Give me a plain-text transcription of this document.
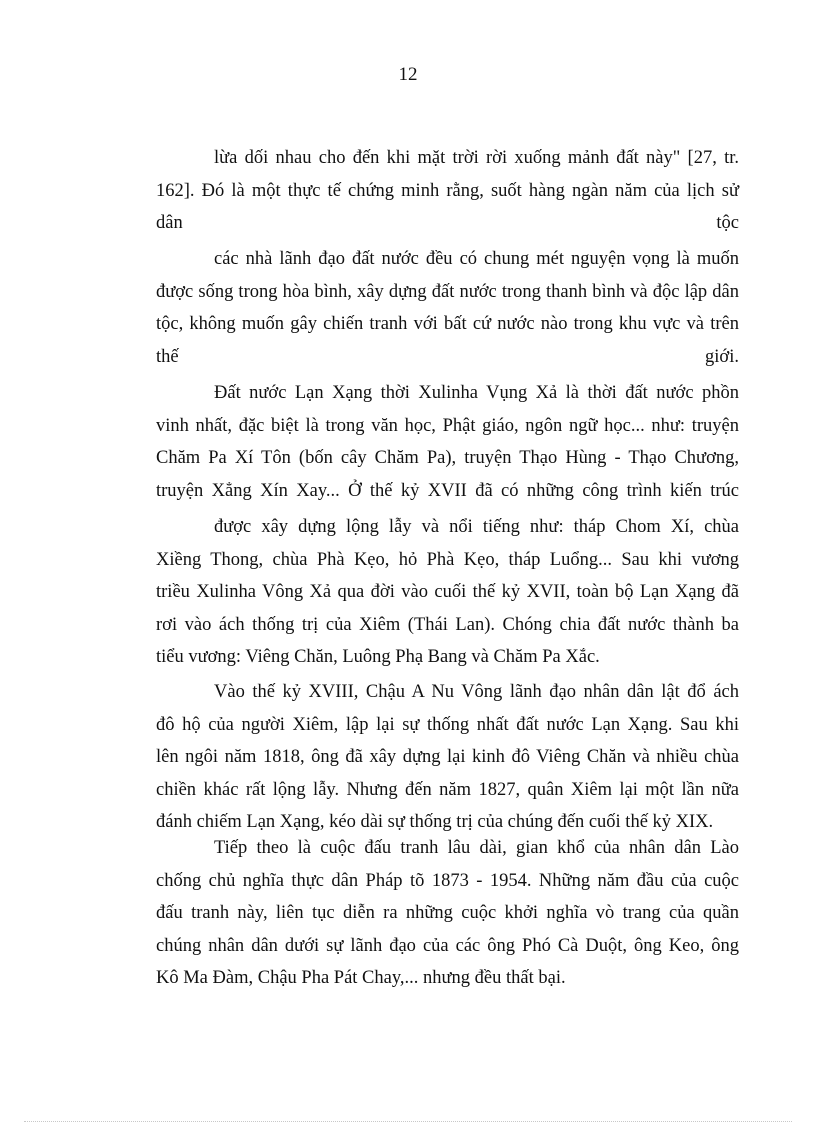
12
lừa dối nhau cho đến khi mặt trời rời xuống mảnh đất này" [27, tr.
162]. Đó là một thực tế chứng minh rằng, suốt hàng ngàn năm của lịch sử
dân	tộc
các nhà lãnh đạo đất nước đều có chung mét nguyện vọng là muốn
được sống trong hòa bình, xây dựng đất nước trong thanh bình và độc lập dân
tộc, không muốn gây chiến tranh với bất cứ nước nào trong khu vực và trên
thế	giới.
Đất nước Lạn Xạng thời Xulinha Vụng Xả là thời đất nước phồn
vinh nhất, đặc biệt là trong văn học, Phật giáo, ngôn ngữ học... như: truyện
Chăm Pa Xí Tôn (bốn cây Chăm Pa), truyện Thạo Hùng - Thạo Chương,
truyện Xẳng Xín Xay... Ở thế kỷ XVII đã có những công trình kiến trúc
được xây dựng lộng lẫy và nổi tiếng như: tháp Chom Xí, chùa
Xiềng Thong, chùa Phà Kẹo, hỏ Phà Kẹo, tháp Luổng... Sau khi vương
triều Xulinha Vông Xả qua đời vào cuối thế kỷ XVII, toàn bộ Lạn Xạng đã
rơi vào ách thống trị của Xiêm (Thái Lan). Chóng chia đất nước thành ba
tiểu vương: Viêng Chăn, Luông Phạ Bang và Chăm Pa Xắc.
Vào thế kỷ XVIII, Chậu A Nu Vông lãnh đạo nhân dân lật đổ ách
đô hộ của người Xiêm, lập lại sự thống nhất đất nước Lạn Xạng. Sau khi
lên ngôi năm 1818, ông đã xây dựng lại kinh đô Viêng Chăn và nhiều chùa
chiền khác rất lộng lẫy. Nhưng đến năm 1827, quân Xiêm lại một lần nữa
đánh chiếm Lạn Xạng, kéo dài sự thống trị của chúng đến cuối thế kỷ XIX.
Tiếp theo là cuộc đấu tranh lâu dài, gian khổ của nhân dân Lào
chống chủ nghĩa thực dân Pháp tõ 1873 - 1954. Những năm đầu của cuộc
đấu tranh này, liên tục diễn ra những cuộc khởi nghĩa vò trang của quần
chúng nhân dân dưới sự lãnh đạo của các ông Phó Cà Duột, ông Keo, ông
Kô Ma Đàm, Chậu Pha Pát Chay,... nhưng đều thất bại.
